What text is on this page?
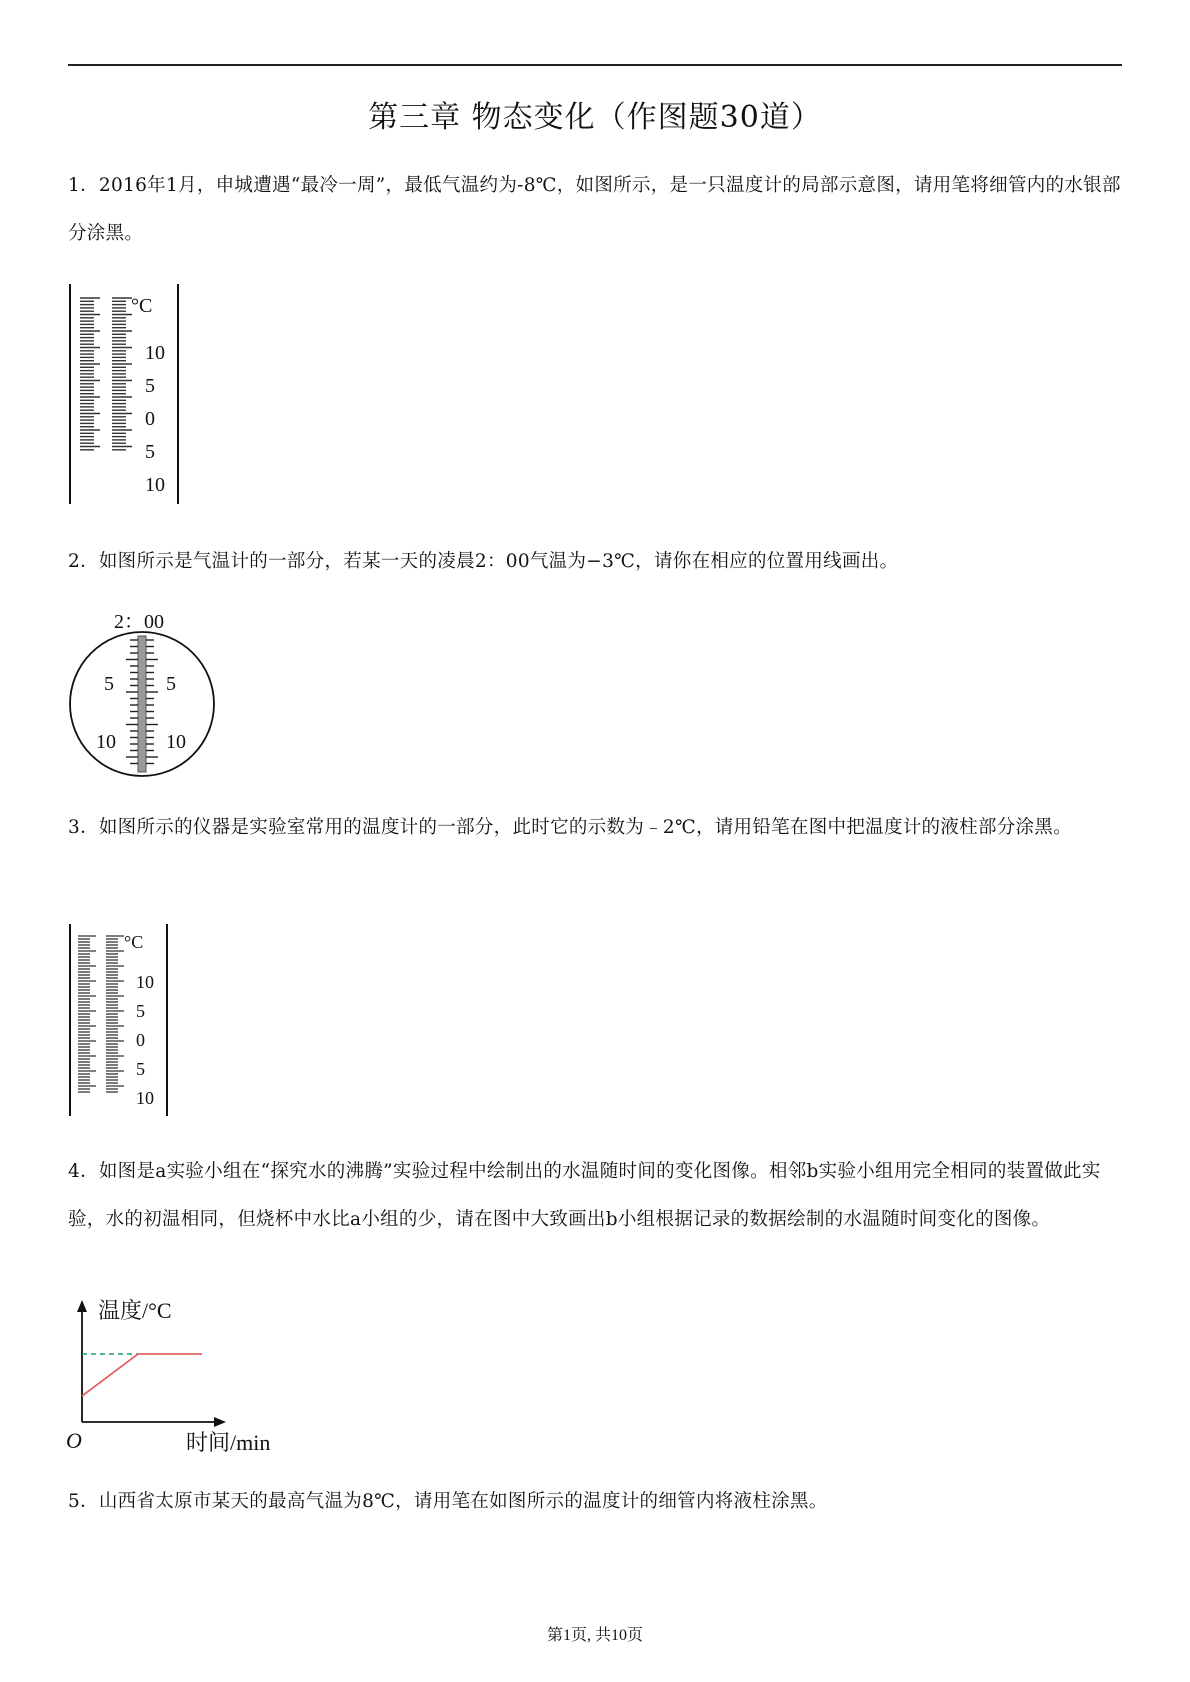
第三章 物态变化（作图题30道）
1．2016年1月，申城遭遇“最冷一周”，最低气温约为-8℃，如图所示，是一只温度计的局部示意图，请用笔将细管内的水银部分涂黑。
°C
10
5
0
5
10
2．如图所示是气温计的一部分，若某一天的凌晨2：00气温为−3℃，请你在相应的位置用线画出。
2：00
5
10
5
10
3．如图所示的仪器是实验室常用的温度计的一部分，此时它的示数为﹣2℃，请用铅笔在图中把温度计的液柱部分涂黑。
°C
10
5
0
5
10
4．如图是a实验小组在“探究水的沸腾”实验过程中绘制出的水温随时间的变化图像。相邻b实验小组用完全相同的装置做此实验，水的初温相同，但烧杯中水比a小组的少，请在图中大致画出b小组根据记录的数据绘制的水温随时间变化的图像。
温度/°C
O	时间/min
5．山西省太原市某天的最高气温为8℃，请用笔在如图所示的温度计的细管内将液柱涂黑。
第1页, 共10页
